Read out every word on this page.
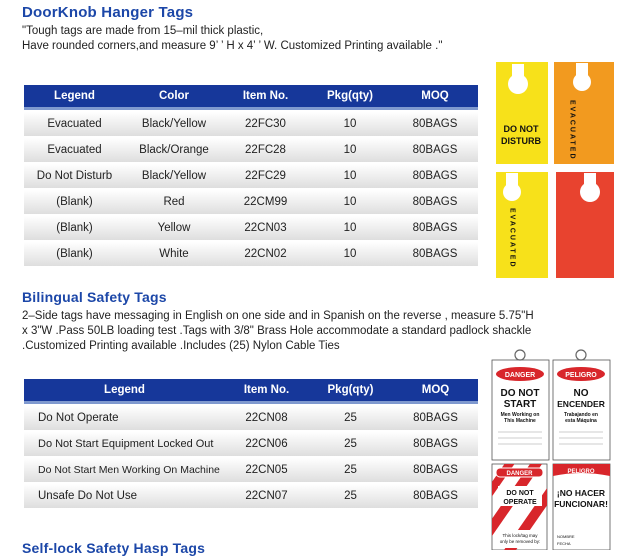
DoorKnob Hanger Tags
"Tough tags are made from 15–mil thick plastic,
Have rounded corners,and measure 9’ ’ H x 4’ ’ W. Customized Printing available ."
Legend	Color	Item No.	Pkg(qty)	MOQ
Evacuated	Black/Yellow	22FC30	10	80BAGS
Evacuated	Black/Orange	22FC28	10	80BAGS
Do Not Disturb	Black/Yellow	22FC29	10	80BAGS
(Blank)	Red	22CM99	10	80BAGS
(Blank)	Yellow	22CN03	10	80BAGS
(Blank)	White	22CN02	10	80BAGS
DO NOT
DISTURB	EVACUATED
EVACUATED
Bilingual Safety Tags
2–Side tags have messaging in English on one side and in Spanish on the reverse , measure 5.75"H
x 3"W .Pass 50LB loading test .Tags with 3/8" Brass Hole accommodate a standard padlock shackle
.Customized Printing available .Includes (25) Nylon Cable Ties
Legend	Item No.	Pkg(qty)	MOQ
Do Not Operate	22CN08	25	80BAGS
Do Not Start Equipment Locked Out	22CN06	25	80BAGS
Do Not Start Men Working On Machine	22CN05	25	80BAGS
Unsafe Do Not Use	22CN07	25	80BAGS
DANGER
DO NOT
START
Men Working on
This Machine
PELIGRO
NO
ENCENDER
Trabajando en
esta Máquina
DANGER
DO NOT
OPERATE
This lock/tag may
only be removed by:
PELIGRO
¡NO HACER
FUNCIONAR!
NOMBRE
FECHA
Self-lock Safety Hasp Tags
